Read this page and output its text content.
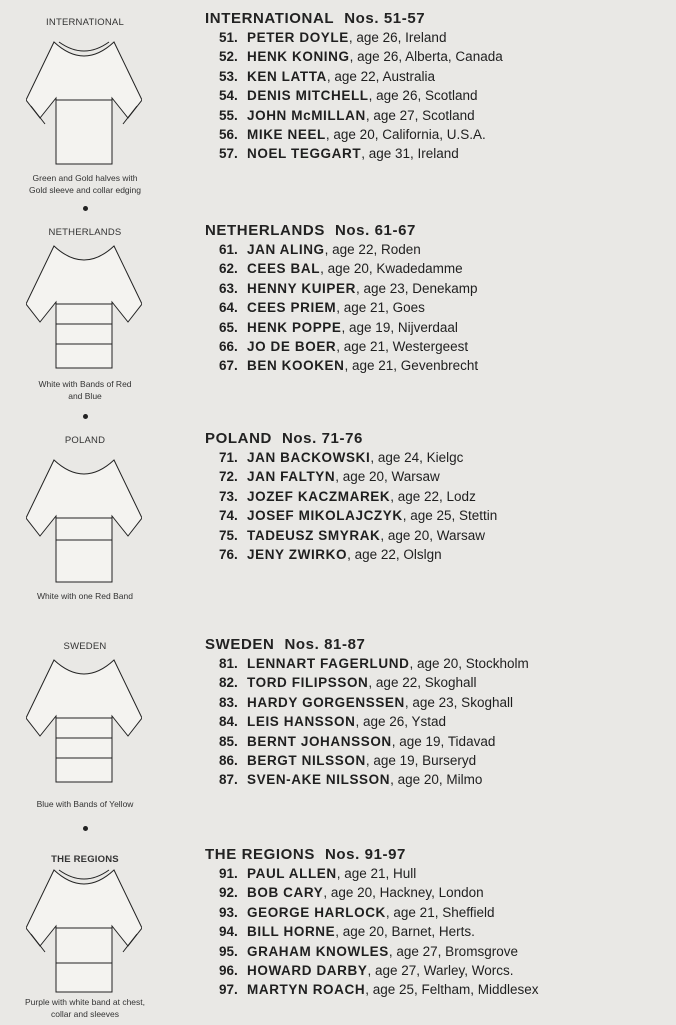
INTERNATIONAL
Green and Gold halves with
Gold sleeve and collar edging
INTERNATIONAL Nos. 51-57
51. PETER DOYLE, age 26, Ireland
52. HENK KONING, age 26, Alberta, Canada
53. KEN LATTA, age 22, Australia
54. DENIS MITCHELL, age 26, Scotland
55. JOHN McMILLAN, age 27, Scotland
56. MIKE NEEL, age 20, California, U.S.A.
57. NOEL TEGGART, age 31, Ireland
NETHERLANDS
White with Bands of Red
and Blue
NETHERLANDS Nos. 61-67
61. JAN ALING, age 22, Roden
62. CEES BAL, age 20, Kwadedamme
63. HENNY KUIPER, age 23, Denekamp
64. CEES PRIEM, age 21, Goes
65. HENK POPPE, age 19, Nijverdaal
66. JO DE BOER, age 21, Westergeest
67. BEN KOOKEN, age 21, Gevenbrecht
POLAND
White with one Red Band
POLAND Nos. 71-76
71. JAN BACKOWSKI, age 24, Kielgc
72. JAN FALTYN, age 20, Warsaw
73. JOZEF KACZMAREK, age 22, Lodz
74. JOSEF MIKOLAJCZYK, age 25, Stettin
75. TADEUSZ SMYRAK, age 20, Warsaw
76. JENY ZWIRKO, age 22, Olslgn
SWEDEN
Blue with Bands of Yellow
SWEDEN Nos. 81-87
81. LENNART FAGERLUND, age 20, Stockholm
82. TORD FILIPSSON, age 22, Skoghall
83. HARDY GORGENSSEN, age 23, Skoghall
84. LEIS HANSSON, age 26, Ystad
85. BERNT JOHANSSON, age 19, Tidavad
86. BERGT NILSSON, age 19, Burseryd
87. SVEN-AKE NILSSON, age 20, Milmo
THE REGIONS
Purple with white band at chest,
collar and sleeves
THE REGIONS Nos. 91-97
91. PAUL ALLEN, age 21, Hull
92. BOB CARY, age 20, Hackney, London
93. GEORGE HARLOCK, age 21, Sheffield
94. BILL HORNE, age 20, Barnet, Herts.
95. GRAHAM KNOWLES, age 27, Bromsgrove
96. HOWARD DARBY, age 27, Warley, Worcs.
97. MARTYN ROACH, age 25, Feltham, Middlesex
